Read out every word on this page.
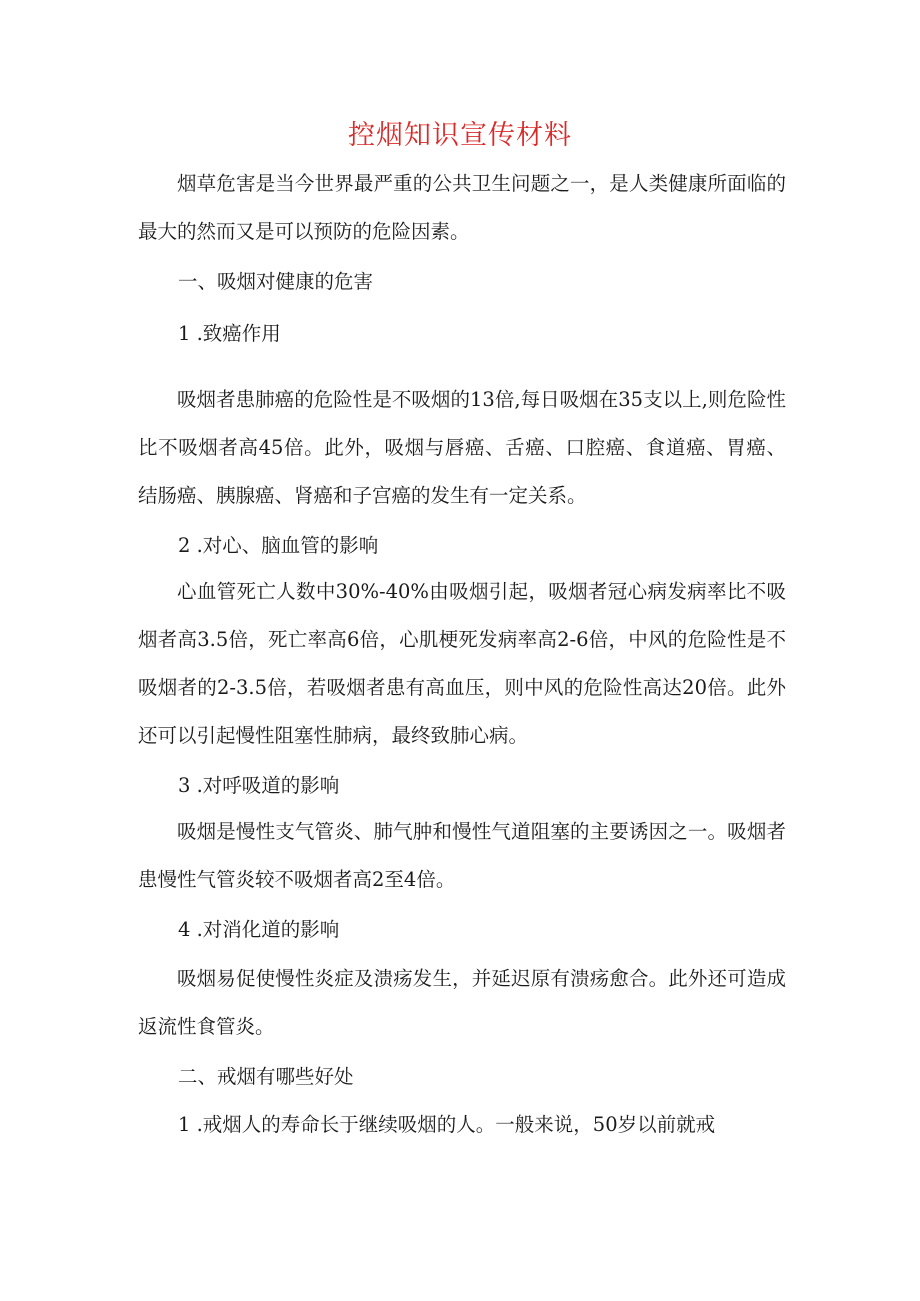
控烟知识宣传材料

烟草危害是当今世界最严重的公共卫生问题之一，是人类健康所面临的最大的然而又是可以预防的危险因素。

一、吸烟对健康的危害
1 .致癌作用

吸烟者患肺癌的危险性是不吸烟的13倍,每日吸烟在35支以上,则危险性比不吸烟者高45倍。此外，吸烟与唇癌、舌癌、口腔癌、食道癌、胃癌、结肠癌、胰腺癌、肾癌和子宫癌的发生有一定关系。

2 .对心、脑血管的影响

心血管死亡人数中30%-40%由吸烟引起，吸烟者冠心病发病率比不吸烟者高3.5倍，死亡率高6倍，心肌梗死发病率高2-6倍，中风的危险性是不吸烟者的2-3.5倍，若吸烟者患有高血压，则中风的危险性高达20倍。此外还可以引起慢性阻塞性肺病，最终致肺心病。

3 .对呼吸道的影响

吸烟是慢性支气管炎、肺气肿和慢性气道阻塞的主要诱因之一。吸烟者患慢性气管炎较不吸烟者高2至4倍。

4 .对消化道的影响

吸烟易促使慢性炎症及溃疡发生，并延迟原有溃疡愈合。此外还可造成返流性食管炎。

二、戒烟有哪些好处
1 .戒烟人的寿命长于继续吸烟的人。一般来说，50岁以前就戒
